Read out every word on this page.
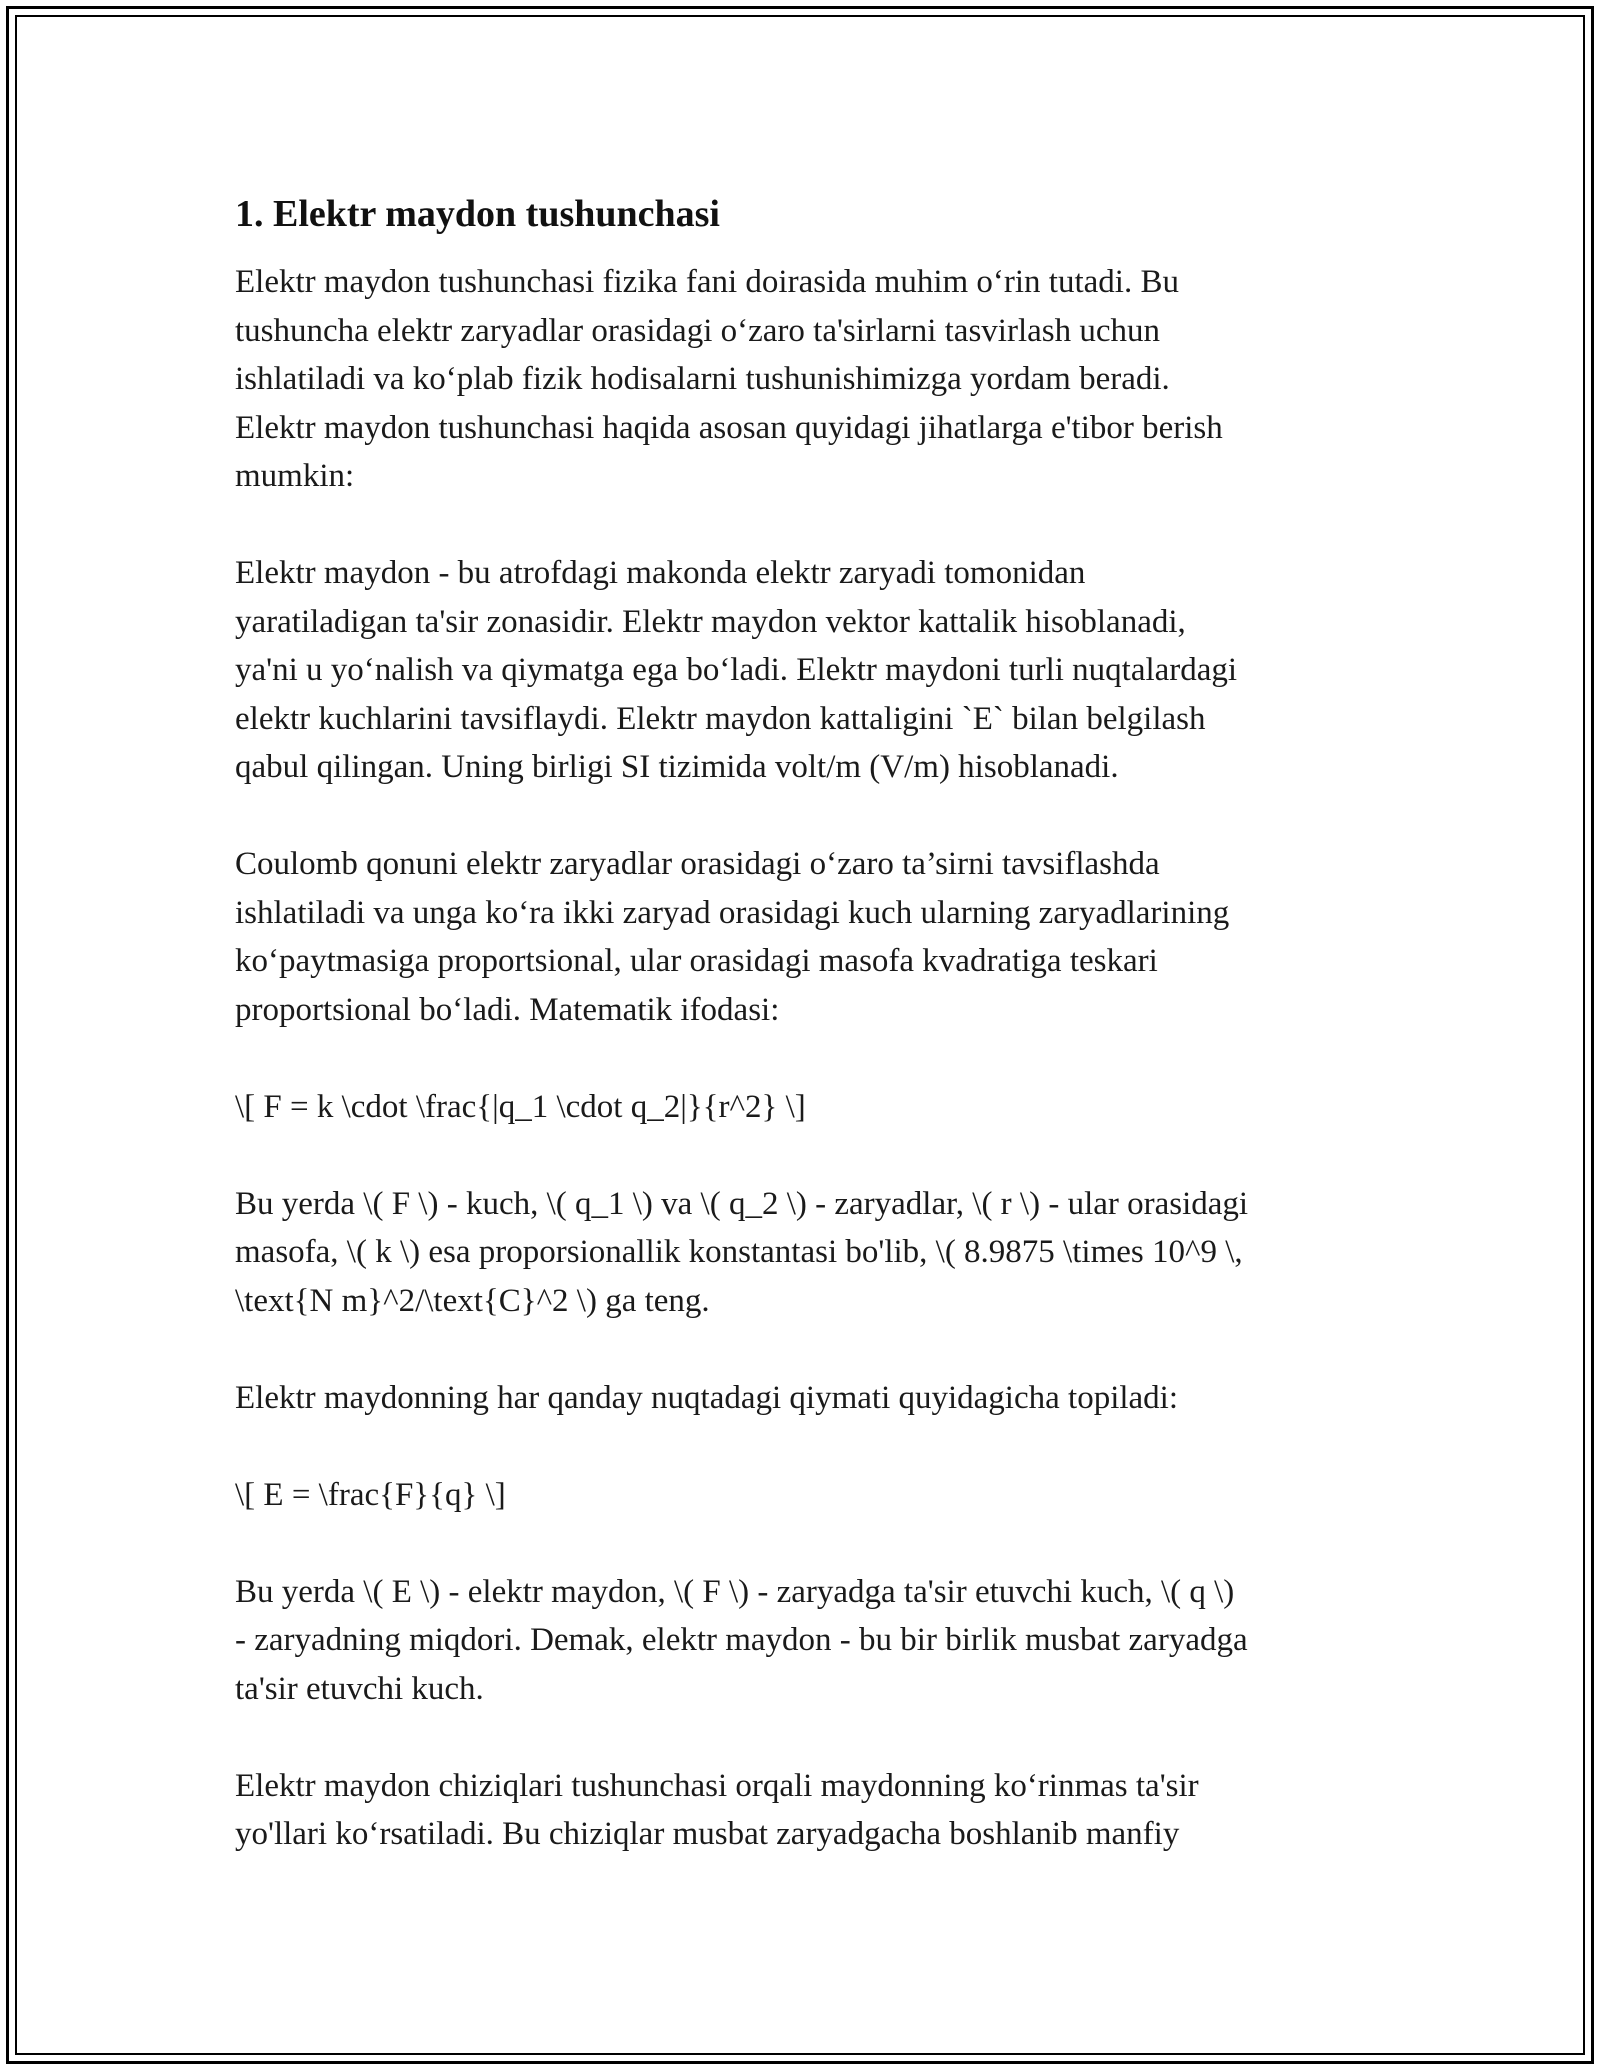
1. Elektr maydon tushunchasi

Elektr maydon tushunchasi fizika fani doirasida muhim o‘rin tutadi. Bu
tushuncha elektr zaryadlar orasidagi o‘zaro ta'sirlarni tasvirlash uchun
ishlatiladi va ko‘plab fizik hodisalarni tushunishimizga yordam beradi.
Elektr maydon tushunchasi haqida asosan quyidagi jihatlarga e'tibor berish
mumkin:

Elektr maydon - bu atrofdagi makonda elektr zaryadi tomonidan
yaratiladigan ta'sir zonasidir. Elektr maydon vektor kattalik hisoblanadi,
ya'ni u yo‘nalish va qiymatga ega bo‘ladi. Elektr maydoni turli nuqtalardagi
elektr kuchlarini tavsiflaydi. Elektr maydon kattaligini `E` bilan belgilash
qabul qilingan. Uning birligi SI tizimida volt/m (V/m) hisoblanadi.

Coulomb qonuni elektr zaryadlar orasidagi o‘zaro ta’sirni tavsiflashda
ishlatiladi va unga ko‘ra ikki zaryad orasidagi kuch ularning zaryadlarining
ko‘paytmasiga proportsional, ular orasidagi masofa kvadratiga teskari
proportsional bo‘ladi. Matematik ifodasi:

\[ F = k \cdot \frac{|q_1 \cdot q_2|}{r^2} \]

Bu yerda \( F \) - kuch, \( q_1 \) va \( q_2 \) - zaryadlar, \( r \) - ular orasidagi
masofa, \( k \) esa proporsionallik konstantasi bo'lib, \( 8.9875 \times 10^9 \,
\text{N m}^2/\text{C}^2 \) ga teng.

Elektr maydonning har qanday nuqtadagi qiymati quyidagicha topiladi:

\[ E = \frac{F}{q} \]

Bu yerda \( E \) - elektr maydon, \( F \) - zaryadga ta'sir etuvchi kuch, \( q \)
- zaryadning miqdori. Demak, elektr maydon - bu bir birlik musbat zaryadga
ta'sir etuvchi kuch.

Elektr maydon chiziqlari tushunchasi orqali maydonning ko‘rinmas ta'sir
yo'llari ko‘rsatiladi. Bu chiziqlar musbat zaryadgacha boshlanib manfiy
